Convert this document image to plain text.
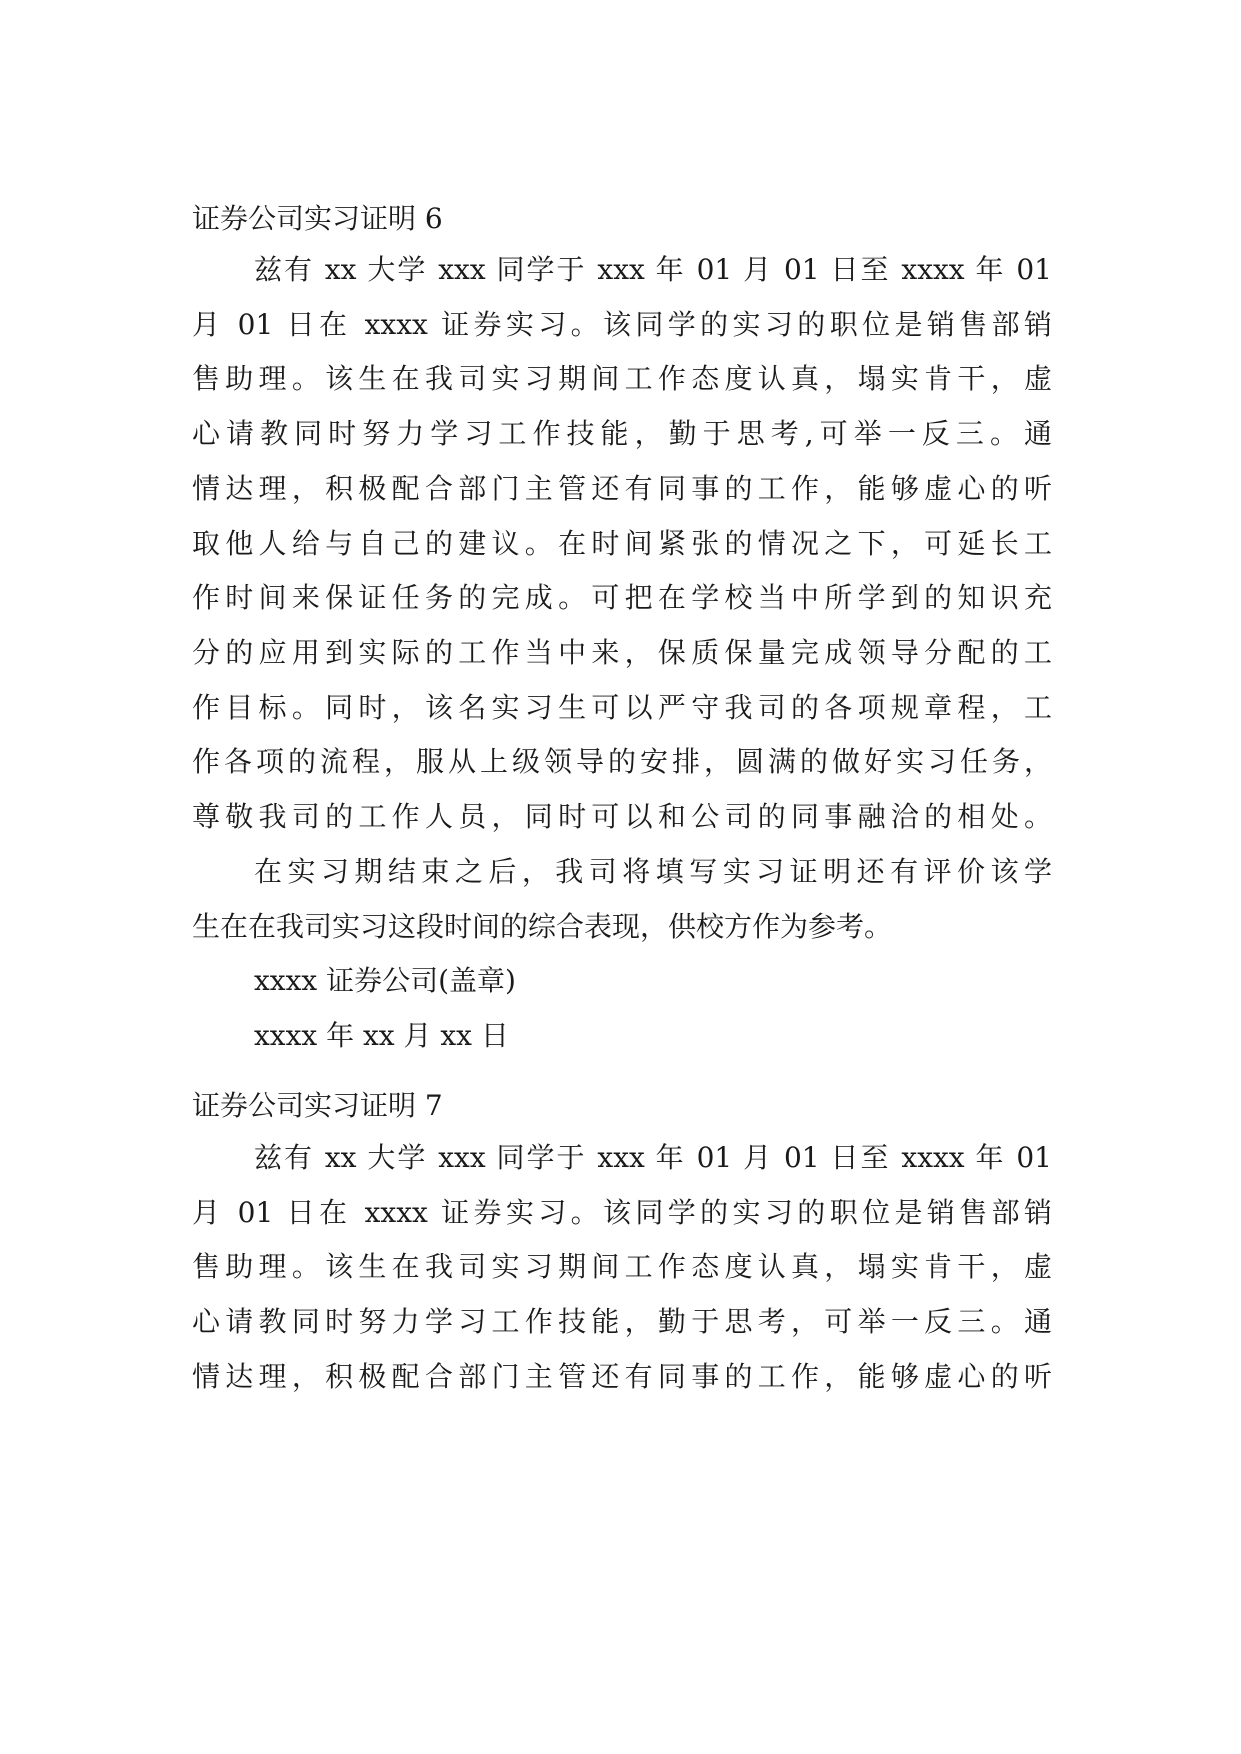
证券公司实习证明 6
兹有 xx 大学 xxx 同学于 xxx 年 01 月 01 日至 xxxx 年 01
月 01 日在 xxxx 证券实习。该同学的实习的职位是销售部销
售助理。该生在我司实习期间工作态度认真，塌实肯干，虚
心请教同时努力学习工作技能，勤于思考,可举一反三。通
情达理，积极配合部门主管还有同事的工作，能够虚心的听
取他人给与自己的建议。在时间紧张的情况之下，可延长工
作时间来保证任务的完成。可把在学校当中所学到的知识充
分的应用到实际的工作当中来，保质保量完成领导分配的工
作目标。同时，该名实习生可以严守我司的各项规章程，工
作各项的流程，服从上级领导的安排，圆满的做好实习任务，
尊敬我司的工作人员，同时可以和公司的同事融洽的相处。
在实习期结束之后，我司将填写实习证明还有评价该学
生在在我司实习这段时间的综合表现，供校方作为参考。
xxxx 证券公司(盖章)
xxxx 年 xx 月 xx 日
证券公司实习证明 7
兹有 xx 大学 xxx 同学于 xxx 年 01 月 01 日至 xxxx 年 01
月 01 日在 xxxx 证券实习。该同学的实习的职位是销售部销
售助理。该生在我司实习期间工作态度认真，塌实肯干，虚
心请教同时努力学习工作技能，勤于思考，可举一反三。通
情达理，积极配合部门主管还有同事的工作，能够虚心的听
